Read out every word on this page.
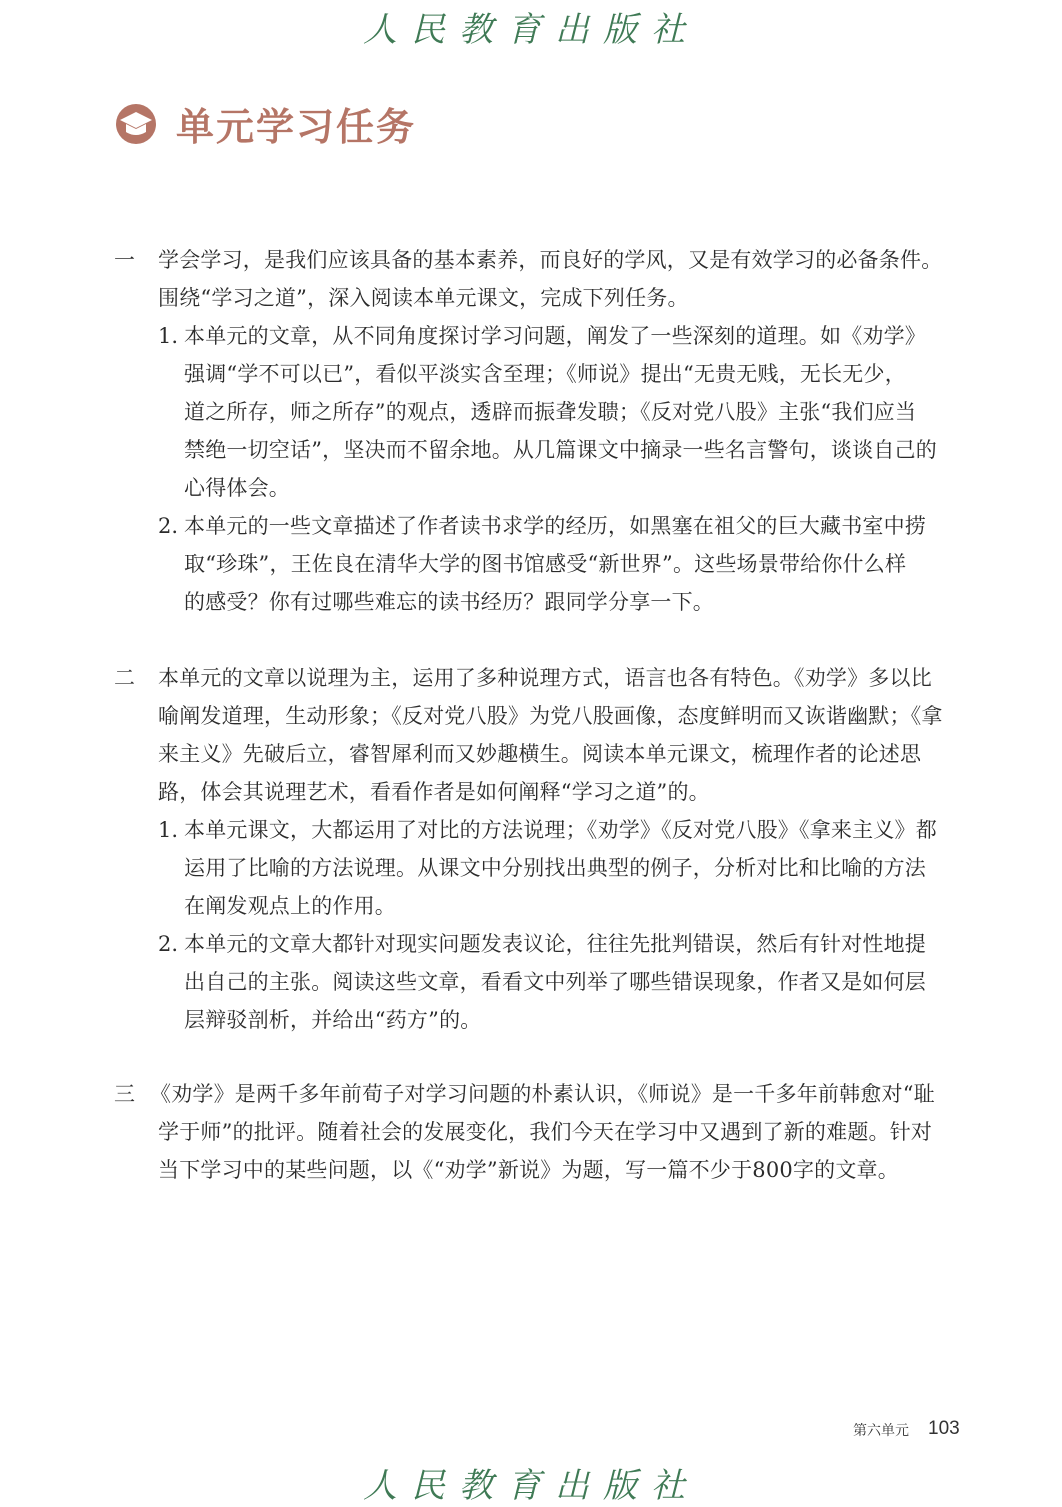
人民教育出版社
单元学习任务
一 学会学习，是我们应该具备的基本素养，而良好的学风，又是有效学习的必备条件。
围绕“学习之道”，深入阅读本单元课文，完成下列任务。
1. 本单元的文章，从不同角度探讨学习问题，阐发了一些深刻的道理。如《劝学》
强调“学不可以已”，看似平淡实含至理；《师说》提出“无贵无贱，无长无少，
道之所存，师之所存”的观点，透辟而振聋发聩；《反对党八股》主张“我们应当
禁绝一切空话”，坚决而不留余地。从几篇课文中摘录一些名言警句，谈谈自己的
心得体会。
2. 本单元的一些文章描述了作者读书求学的经历，如黑塞在祖父的巨大藏书室中捞
取“珍珠”，王佐良在清华大学的图书馆感受“新世界”。这些场景带给你什么样
的感受？你有过哪些难忘的读书经历？跟同学分享一下。
二 本单元的文章以说理为主，运用了多种说理方式，语言也各有特色。《劝学》多以比
喻阐发道理，生动形象；《反对党八股》为党八股画像，态度鲜明而又诙谐幽默；《拿
来主义》先破后立，睿智犀利而又妙趣横生。阅读本单元课文，梳理作者的论述思
路，体会其说理艺术，看看作者是如何阐释“学习之道”的。
1. 本单元课文，大都运用了对比的方法说理；《劝学》《反对党八股》《拿来主义》都
运用了比喻的方法说理。从课文中分别找出典型的例子，分析对比和比喻的方法
在阐发观点上的作用。
2. 本单元的文章大都针对现实问题发表议论，往往先批判错误，然后有针对性地提
出自己的主张。阅读这些文章，看看文中列举了哪些错误现象，作者又是如何层
层辩驳剖析，并给出“药方”的。
三 《劝学》是两千多年前荀子对学习问题的朴素认识，《师说》是一千多年前韩愈对“耻
学于师”的批评。随着社会的发展变化，我们今天在学习中又遇到了新的难题。针对
当下学习中的某些问题，以《“劝学”新说》为题，写一篇不少于800字的文章。
第六单元 103
人民教育出版社
